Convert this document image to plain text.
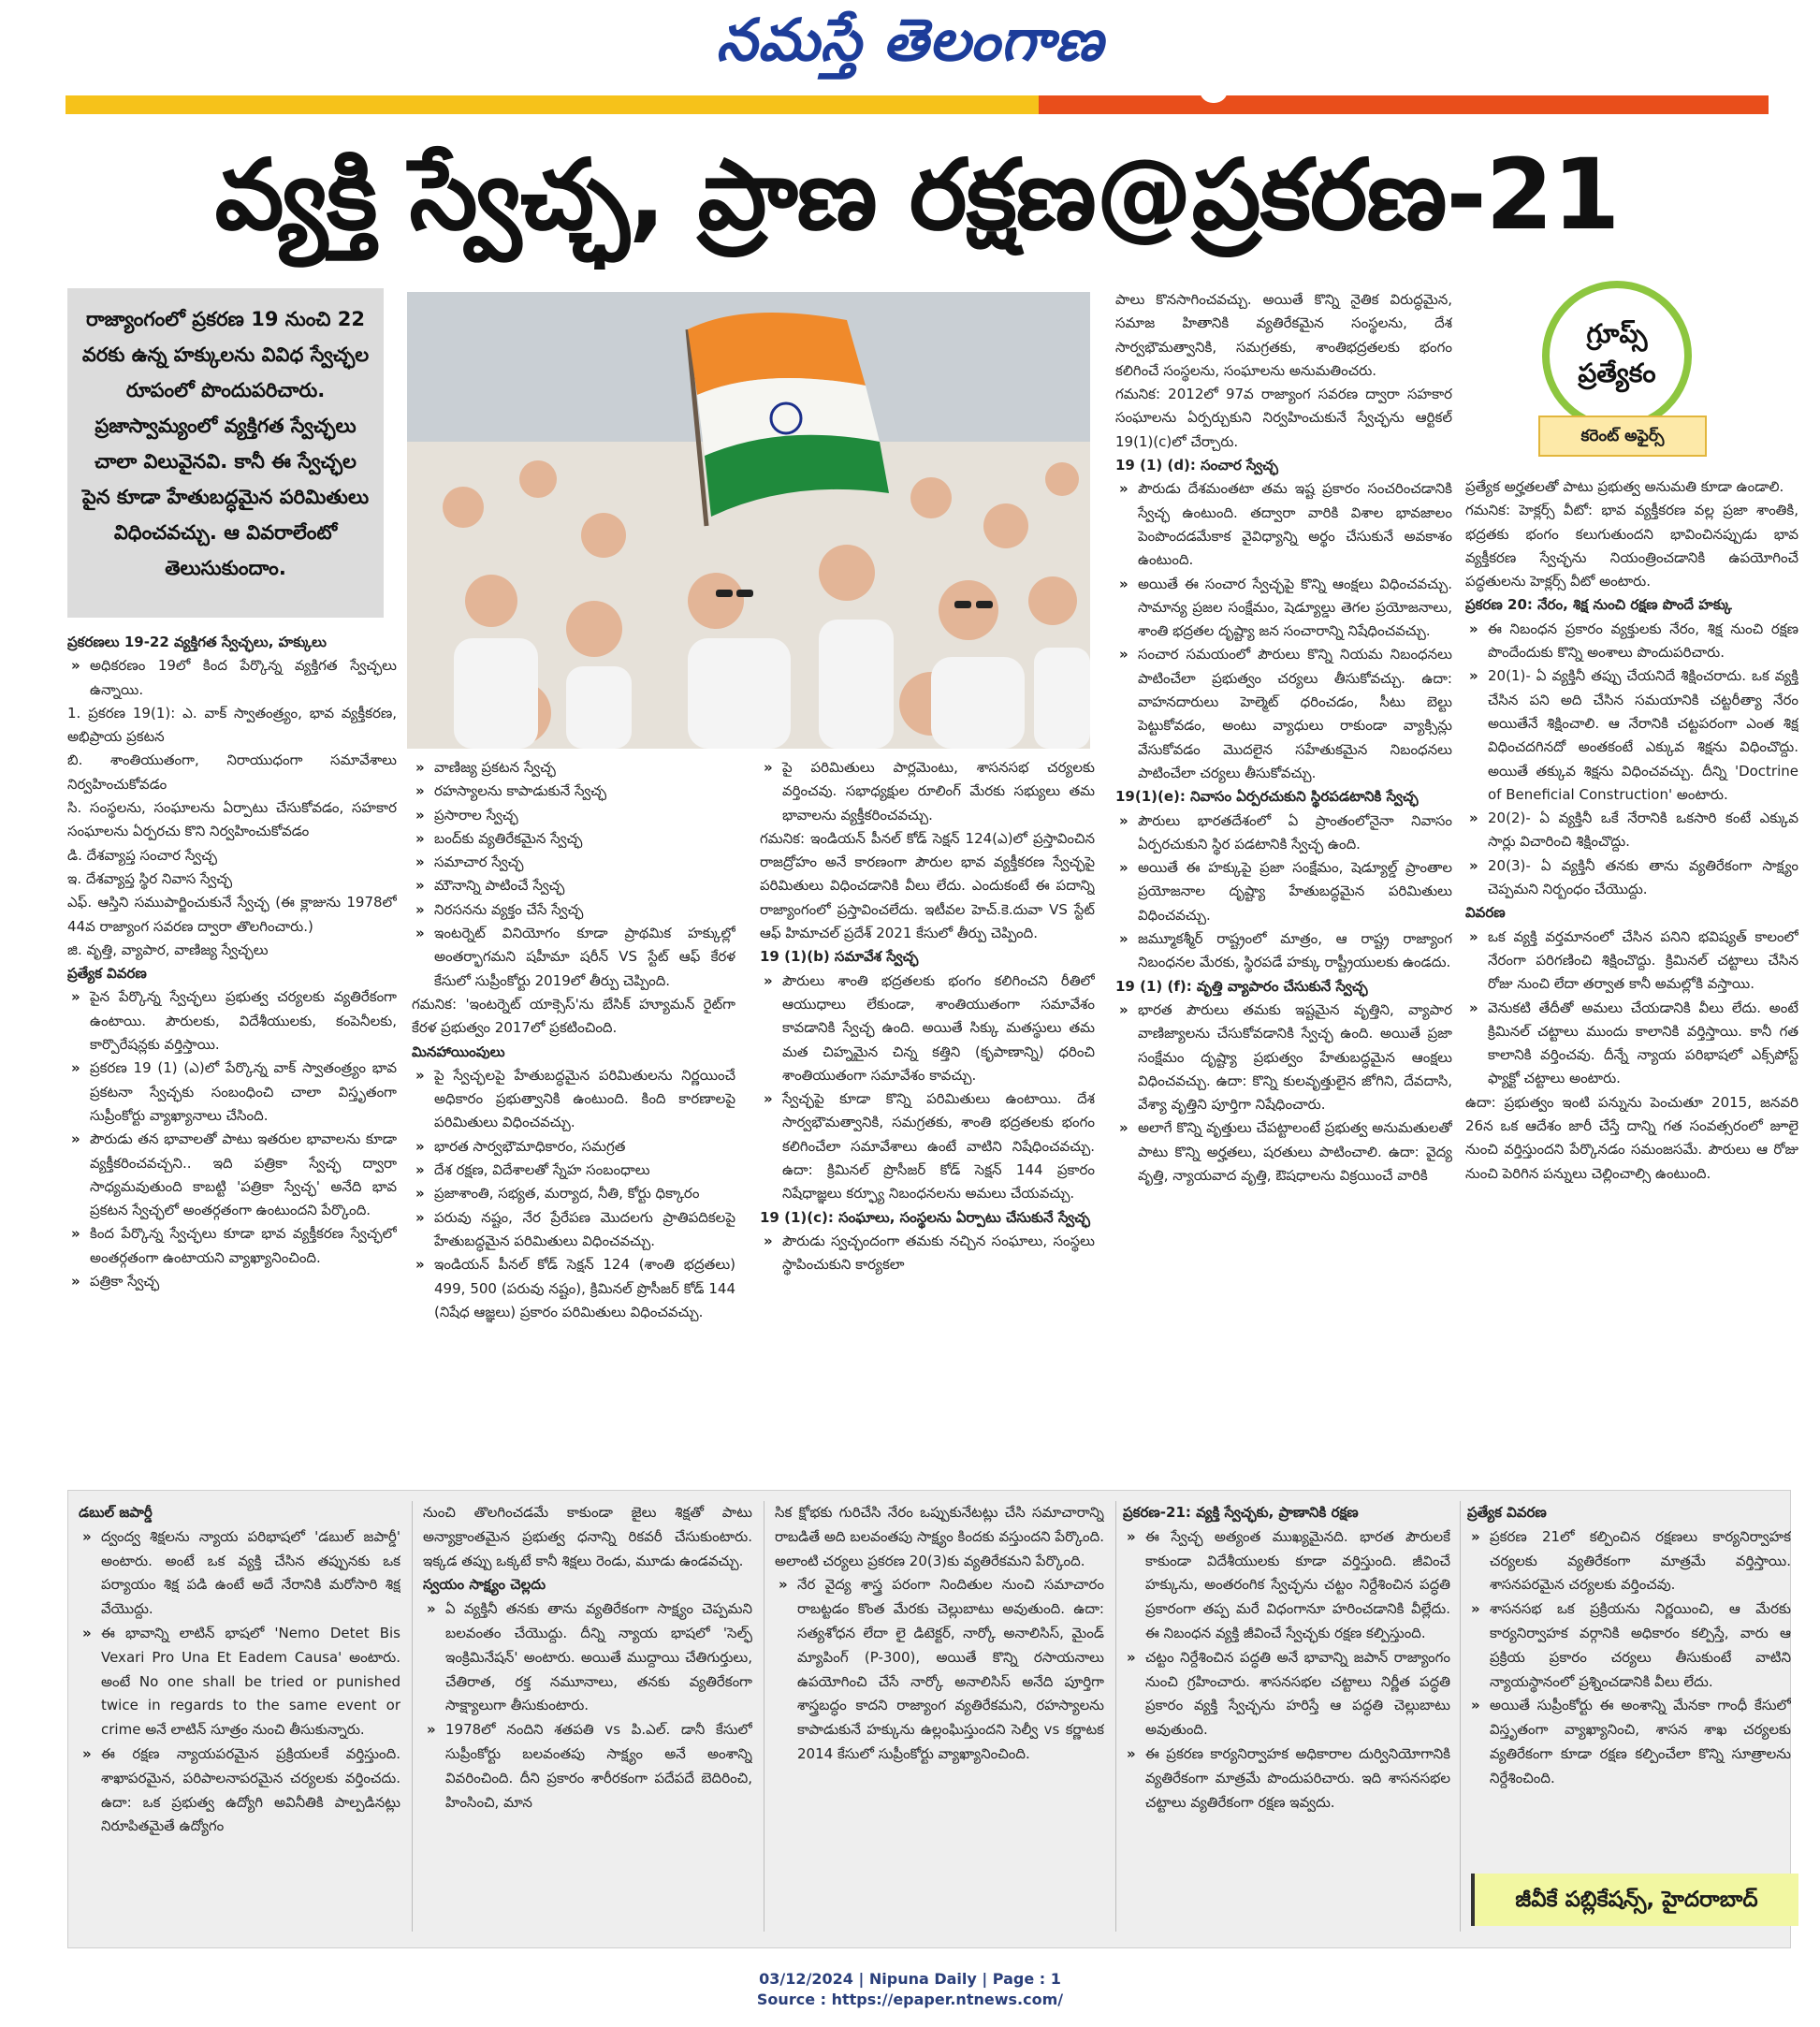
నమస్తే తెలంగాణ
వ్యక్తి స్వేచ్ఛ, ప్రాణ రక్షణ@ప్రకరణ-21

రాజ్యాంగంలో ప్రకరణ 19 నుంచి 22 వరకు ఉన్న హక్కులను వివిధ స్వేచ్ఛల రూపంలో పొందుపరిచారు. ప్రజాస్వామ్యంలో వ్యక్తిగత స్వేచ్ఛలు చాలా విలువైనవి. కానీ ఈ స్వేచ్ఛల పైన కూడా హేతుబద్ధమైన పరిమితులు విధించవచ్చు. ఆ వివరాలేంటో తెలుసుకుందాం.

ప్రకరణలు 19-22 వ్యక్తిగత స్వేచ్ఛలు, హక్కులు

» అధికరణం 19లో కింద పేర్కొన్న వ్యక్తిగత స్వేచ్ఛలు ఉన్నాయి.

1. ప్రకరణ 19(1): ఎ. వాక్ స్వాతంత్ర్యం, భావ వ్యక్తీకరణ, అభిప్రాయ ప్రకటన

బి. శాంతియుతంగా, నిరాయుధంగా సమావేశాలు నిర్వహించుకోవడం

సి. సంస్థలను, సంఘాలను ఏర్పాటు చేసుకోవడం, సహకార సంఘాలను ఏర్పరచు కొని నిర్వహించుకోవడం

డి. దేశవ్యాప్త సంచార స్వేచ్ఛ

ఇ. దేశవ్యాప్త స్థిర నివాస స్వేచ్ఛ

ఎఫ్. ఆస్తిని సముపార్జించుకునే స్వేచ్ఛ (ఈ క్లాజును 1978లో 44వ రాజ్యాంగ సవరణ ద్వారా తొలగించారు.)

జి. వృత్తి, వ్యాపార, వాణిజ్య స్వేచ్ఛలు

ప్రత్యేక వివరణ

» పైన పేర్కొన్న స్వేచ్ఛలు ప్రభుత్వ చర్యలకు వ్యతిరేకంగా ఉంటాయి. పౌరులకు, విదేశీయులకు, కంపెనీలకు, కార్పొరేషన్లకు వర్తిస్తాయి.

» ప్రకరణ 19 (1) (ఎ)లో పేర్కొన్న వాక్ స్వాతంత్ర్యం భావ ప్రకటనా స్వేచ్ఛకు సంబంధించి చాలా విస్తృతంగా సుప్రీంకోర్టు వ్యాఖ్యానాలు చేసింది.

» పౌరుడు తన భావాలతో పాటు ఇతరుల భావాలను కూడా వ్యక్తీకరించవచ్చని.. ఇది పత్రికా స్వేచ్ఛ ద్వారా సాధ్యమవుతుంది కాబట్టి 'పత్రికా స్వేచ్ఛ' అనేది భావ ప్రకటన స్వేచ్ఛలో అంతర్గతంగా ఉంటుందని పేర్కొంది.

» కింద పేర్కొన్న స్వేచ్ఛలు కూడా భావ వ్యక్తీకరణ స్వేచ్ఛలో అంతర్గతంగా ఉంటాయని వ్యాఖ్యానించింది.

» పత్రికా స్వేచ్ఛ

» వాణిజ్య ప్రకటన స్వేచ్ఛ

» రహస్యాలను కాపాడుకునే స్వేచ్ఛ

» ప్రసారాల స్వేచ్ఛ

» బంద్‌కు వ్యతిరేకమైన స్వేచ్ఛ

» సమాచార స్వేచ్ఛ

» మౌనాన్ని పాటించే స్వేచ్ఛ

» నిరసనను వ్యక్తం చేసే స్వేచ్ఛ

» ఇంటర్నెట్ వినియోగం కూడా ప్రాథమిక హక్కుల్లో అంతర్భాగమని షహీమా షరీన్ VS స్టేట్ ఆఫ్ కేరళ కేసులో సుప్రీంకోర్టు 2019లో తీర్పు చెప్పింది.

గమనిక: 'ఇంటర్నెట్ యాక్సెస్'ను బేసిక్ హ్యూమన్ రైట్‌గా కేరళ ప్రభుత్వం 2017లో ప్రకటించింది.

మినహాయింపులు

» పై స్వేచ్ఛలపై హేతుబద్ధమైన పరిమితులను నిర్ణయించే అధికారం ప్రభుత్వానికి ఉంటుంది. కింది కారణాలపై పరిమితులు విధించవచ్చు.

» భారత సార్వభౌమాధికారం, సమగ్రత

» దేశ రక్షణ, విదేశాలతో స్నేహ సంబంధాలు

» ప్రజాశాంతి, సభ్యత, మర్యాద, నీతి, కోర్టు ధిక్కారం

» పరువు నష్టం, నేర ప్రేరేపణ మొదలగు ప్రాతిపదికలపై హేతుబద్ధమైన పరిమితులు విధించవచ్చు.

» ఇండియన్ పీనల్ కోడ్ సెక్షన్ 124 (శాంతి భద్రతలు) 499, 500 (పరువు నష్టం), క్రిమినల్ ప్రొసీజర్ కోడ్ 144 (నిషేధ ఆజ్ఞలు) ప్రకారం పరిమితులు విధించవచ్చు.

» పై పరిమితులు పార్లమెంటు, శాసనసభ చర్యలకు వర్తించవు. సభాధ్యక్షుల రూలింగ్ మేరకు సభ్యులు తమ భావాలను వ్యక్తీకరించవచ్చు.

గమనిక: ఇండియన్ పీనల్ కోడ్ సెక్షన్ 124(ఎ)లో ప్రస్తావించిన రాజద్రోహం అనే కారణంగా పౌరుల భావ వ్యక్తీకరణ స్వేచ్ఛపై పరిమితులు విధించడానికి వీలు లేదు. ఎందుకంటే ఈ పదాన్ని రాజ్యాంగంలో ప్రస్తావించలేదు. ఇటీవల హెచ్.కె.దువా VS స్టేట్ ఆఫ్ హిమాచల్ ప్రదేశ్ 2021 కేసులో తీర్పు చెప్పింది.

19 (1)(b) సమావేశ స్వేచ్ఛ

» పౌరులు శాంతి భద్రతలకు భంగం కలిగించని రీతిలో ఆయుధాలు లేకుండా, శాంతియుతంగా సమావేశం కావడానికి స్వేచ్ఛ ఉంది. అయితే సిక్కు మతస్థులు తమ మత చిహ్నమైన చిన్న కత్తిని (కృపాణాన్ని) ధరించి శాంతియుతంగా సమావేశం కావచ్చు.

» స్వేచ్ఛపై కూడా కొన్ని పరిమితులు ఉంటాయి. దేశ సార్వభౌమత్వానికి, సమగ్రతకు, శాంతి భద్రతలకు భంగం కలిగించేలా సమావేశాలు ఉంటే వాటిని నిషేధించవచ్చు. ఉదా: క్రిమినల్ ప్రొసీజర్ కోడ్ సెక్షన్ 144 ప్రకారం నిషేధాజ్ఞలు కర్ఫ్యూ నిబంధనలను అమలు చేయవచ్చు.

19 (1)(c): సంఘాలు, సంస్థలను ఏర్పాటు చేసుకునే స్వేచ్ఛ

» పౌరుడు స్వచ్ఛందంగా తమకు నచ్చిన సంఘాలు, సంస్థలు స్థాపించుకుని కార్యకలా

పాలు కొనసాగించవచ్చు. అయితే కొన్ని నైతిక విరుద్ధమైన, సమాజ హితానికి వ్యతిరేకమైన సంస్థలను, దేశ సార్వభౌమత్వానికి, సమగ్రతకు, శాంతిభద్రతలకు భంగం కలిగించే సంస్థలను, సంఘాలను అనుమతించరు.

గమనిక: 2012లో 97వ రాజ్యాంగ సవరణ ద్వారా సహకార సంఘాలను ఏర్పర్చుకుని నిర్వహించుకునే స్వేచ్ఛను ఆర్టికల్ 19(1)(c)లో చేర్చారు.

19 (1) (d): సంచార స్వేచ్ఛ

» పౌరుడు దేశమంతటా తమ ఇష్ట ప్రకారం సంచరించడానికి స్వేచ్ఛ ఉంటుంది. తద్వారా వారికి విశాల భావజాలం పెంపొందడమేకాక వైవిధ్యాన్ని అర్థం చేసుకునే అవకాశం ఉంటుంది.

» అయితే ఈ సంచార స్వేచ్ఛపై కొన్ని ఆంక్షలు విధించవచ్చు. సామాన్య ప్రజల సంక్షేమం, షెడ్యూల్డు తెగల ప్రయోజనాలు, శాంతి భద్రతల దృష్ట్యా జన సంచారాన్ని నిషేధించవచ్చు.

» సంచార సమయంలో పౌరులు కొన్ని నియమ నిబంధనలు పాటించేలా ప్రభుత్వం చర్యలు తీసుకోవచ్చు. ఉదా: వాహనదారులు హెల్మెట్ ధరించడం, సీటు బెల్టు పెట్టుకోవడం, అంటు వ్యాధులు రాకుండా వ్యాక్సిన్లు వేసుకోవడం మొదలైన సహేతుకమైన నిబంధనలు పాటించేలా చర్యలు తీసుకోవచ్చు.

19(1)(e): నివాసం ఏర్పరచుకుని స్థిరపడటానికి స్వేచ్ఛ

» పౌరులు భారతదేశంలో ఏ ప్రాంతంలోనైనా నివాసం ఏర్పరచుకుని స్థిర పడటానికి స్వేచ్ఛ ఉంది.

» అయితే ఈ హక్కుపై ప్రజా సంక్షేమం, షెడ్యూల్డ్ ప్రాంతాల ప్రయోజనాల దృష్ట్యా హేతుబద్ధమైన పరిమితులు విధించవచ్చు.

» జమ్మూకశ్మీర్ రాష్ట్రంలో మాత్రం, ఆ రాష్ట్ర రాజ్యాంగ నిబంధనల మేరకు, స్థిరపడే హక్కు రాష్ట్రీయులకు ఉండదు.

19 (1) (f): వృత్తి వ్యాపారం చేసుకునే స్వేచ్ఛ

» భారత పౌరులు తమకు ఇష్టమైన వృత్తిని, వ్యాపార వాణిజ్యాలను చేసుకోవడానికి స్వేచ్ఛ ఉంది. అయితే ప్రజా సంక్షేమం దృష్ట్యా ప్రభుత్వం హేతుబద్ధమైన ఆంక్షలు విధించవచ్చు. ఉదా: కొన్ని కులవృత్తులైన జోగిని, దేవదాసి, వేశ్యా వృత్తిని పూర్తిగా నిషేధించారు.

» అలాగే కొన్ని వృత్తులు చేపట్టాలంటే ప్రభుత్వ అనుమతులతో పాటు కొన్ని అర్హతలు, షరతులు పాటించాలి. ఉదా: వైద్య వృత్తి, న్యాయవాద వృత్తి, ఔషధాలను విక్రయించే వారికి

ప్రత్యేక అర్హతలతో పాటు ప్రభుత్వ అనుమతి కూడా ఉండాలి.

గమనిక: హెక్లర్స్ వీటో: భావ వ్యక్తీకరణ వల్ల ప్రజా శాంతికి, భద్రతకు భంగం కలుగుతుందని భావించినప్పుడు భావ వ్యక్తీకరణ స్వేచ్ఛను నియంత్రించడానికి ఉపయోగించే పద్ధతులను హెక్లర్స్ వీటో అంటారు.

ప్రకరణ 20: నేరం, శిక్ష నుంచి రక్షణ పొందే హక్కు

» ఈ నిబంధన ప్రకారం వ్యక్తులకు నేరం, శిక్ష నుంచి రక్షణ పొందేందుకు కొన్ని అంశాలు పొందుపరిచారు.

» 20(1)- ఏ వ్యక్తినీ తప్పు చేయనిదే శిక్షించరాదు. ఒక వ్యక్తి చేసిన పని అది చేసిన సమయానికి చట్టరీత్యా నేరం అయితేనే శిక్షించాలి. ఆ నేరానికి చట్టపరంగా ఎంత శిక్ష విధించదగినదో అంతకంటే ఎక్కువ శిక్షను విధించొద్దు. అయితే తక్కువ శిక్షను విధించవచ్చు. దీన్ని 'Doctrine of Beneficial Construction' అంటారు.

» 20(2)- ఏ వ్యక్తినీ ఒకే నేరానికి ఒకసారి కంటే ఎక్కువ సార్లు విచారించి శిక్షించొద్దు.

» 20(3)- ఏ వ్యక్తినీ తనకు తాను వ్యతిరేకంగా సాక్ష్యం చెప్పమని నిర్బంధం చేయొద్దు.

వివరణ

» ఒక వ్యక్తి వర్తమానంలో చేసిన పనిని భవిష్యత్ కాలంలో నేరంగా పరిగణించి శిక్షించొద్దు. క్రిమినల్ చట్టాలు చేసిన రోజు నుంచి లేదా తర్వాత కానీ అమల్లోకి వస్తాయి.

» వెనుకటి తేదీతో అమలు చేయడానికి వీలు లేదు. అంటే క్రిమినల్ చట్టాలు ముందు కాలానికి వర్తిస్తాయి. కానీ గత కాలానికి వర్తించవు. దీన్నే న్యాయ పరిభాషలో ఎక్స్‌పోస్ట్ ఫ్యాక్టో చట్టాలు అంటారు.

ఉదా: ప్రభుత్వం ఇంటి పన్నును పెంచుతూ 2015, జనవరి 26న ఒక ఆదేశం జారీ చేస్తే దాన్ని గత సంవత్సరంలో జూలై నుంచి వర్తిస్తుందని పేర్కొనడం సమంజసమే. పౌరులు ఆ రోజు నుంచి పెరిగిన పన్నులు చెల్లించాల్సి ఉంటుంది.

గ్రూప్స్
ప్రత్యేకం
కరెంట్ అఫైర్స్

డబుల్ జపార్డీ

» ద్వంద్వ శిక్షలను న్యాయ పరిభాషలో 'డబుల్ జపార్డీ' అంటారు. అంటే ఒక వ్యక్తి చేసిన తప్పునకు ఒక పర్యాయం శిక్ష పడి ఉంటే అదే నేరానికి మరోసారి శిక్ష వేయొద్దు.

» ఈ భావాన్ని లాటిన్ భాషలో 'Nemo Detet Bis Vexari Pro Una Et Eadem Causa' అంటారు. అంటే No one shall be tried or punished twice in regards to the same event or crime అనే లాటిన్ సూత్రం నుంచి తీసుకున్నారు.

» ఈ రక్షణ న్యాయపరమైన ప్రక్రియలకే వర్తిస్తుంది. శాఖాపరమైన, పరిపాలనాపరమైన చర్యలకు వర్తించదు. ఉదా: ఒక ప్రభుత్వ ఉద్యోగి అవినీతికి పాల్పడినట్లు నిరూపితమైతే ఉద్యోగం

నుంచి తొలగించడమే కాకుండా జైలు శిక్షతో పాటు అన్యాక్రాంతమైన ప్రభుత్వ ధనాన్ని రికవరీ చేసుకుంటారు. ఇక్కడ తప్పు ఒక్కటే కానీ శిక్షలు రెండు, మూడు ఉండవచ్చు.

స్వయం సాక్ష్యం చెల్లదు

» ఏ వ్యక్తినీ తనకు తాను వ్యతిరేకంగా సాక్ష్యం చెప్పమని బలవంతం చేయొద్దు. దీన్ని న్యాయ భాషలో 'సెల్ఫ్ ఇంక్రిమినేషన్' అంటారు. అయితే ముద్దాయి చేతిగుర్తులు, చేతిరాత, రక్త నమూనాలు, తనకు వ్యతిరేకంగా సాక్ష్యాలుగా తీసుకుంటారు.

» 1978లో నందిని శతపతి vs పి.ఎల్. డానీ కేసులో సుప్రీంకోర్టు బలవంతపు సాక్ష్యం అనే అంశాన్ని వివరించింది. దీని ప్రకారం శారీరకంగా పదేపదే బెదిరించి, హింసించి, మాన

సిక క్షోభకు గురిచేసి నేరం ఒప్పుకునేటట్లు చేసి సమాచారాన్ని రాబడితే అది బలవంతపు సాక్ష్యం కిందకు వస్తుందని పేర్కొంది. అలాంటి చర్యలు ప్రకరణ 20(3)కు వ్యతిరేకమని పేర్కొంది.

» నేర వైద్య శాస్త్ర పరంగా నిందితుల నుంచి సమాచారం రాబట్టడం కొంత మేరకు చెల్లుబాటు అవుతుంది. ఉదా: సత్యశోధన లేదా లై డిటెక్టర్, నార్కో అనాలిసిస్, మైండ్ మ్యాపింగ్ (P-300), అయితే కొన్ని రసాయనాలు ఉపయోగించి చేసే నార్కో అనాలిసిస్ అనేది పూర్తిగా శాస్త్రబద్ధం కాదని రాజ్యాంగ వ్యతిరేకమని, రహస్యాలను కాపాడుకునే హక్కును ఉల్లంఘిస్తుందని సెల్వీ vs కర్ణాటక 2014 కేసులో సుప్రీంకోర్టు వ్యాఖ్యానించింది.

ప్రకరణ-21: వ్యక్తి స్వేచ్ఛకు, ప్రాణానికి రక్షణ

» ఈ స్వేచ్ఛ అత్యంత ముఖ్యమైనది. భారత పౌరులకే కాకుండా విదేశీయులకు కూడా వర్తిస్తుంది. జీవించే హక్కును, అంతరంగిక స్వేచ్ఛను చట్టం నిర్దేశించిన పద్ధతి ప్రకారంగా తప్ప మరే విధంగానూ హరించడానికి వీల్లేదు. ఈ నిబంధన వ్యక్తి జీవించే స్వేచ్ఛకు రక్షణ కల్పిస్తుంది.

» చట్టం నిర్దేశించిన పద్ధతి అనే భావాన్ని జపాన్ రాజ్యాంగం నుంచి గ్రహించారు. శాసనసభల చట్టాలు నిర్ణీత పద్ధతి ప్రకారం వ్యక్తి స్వేచ్ఛను హరిస్తే ఆ పద్ధతి చెల్లుబాటు అవుతుంది.

» ఈ ప్రకరణ కార్యనిర్వాహక అధికారాల దుర్వినియోగానికి వ్యతిరేకంగా మాత్రమే పొందుపరిచారు. ఇది శాసనసభల చట్టాలు వ్యతిరేకంగా రక్షణ ఇవ్వదు.

ప్రత్యేక వివరణ

» ప్రకరణ 21లో కల్పించిన రక్షణలు కార్యనిర్వాహక చర్యలకు వ్యతిరేకంగా మాత్రమే వర్తిస్తాయి. శాసనపరమైన చర్యలకు వర్తించవు.

» శాసనసభ ఒక ప్రక్రియను నిర్ణయించి, ఆ మేరకు కార్యనిర్వాహక వర్గానికి అధికారం కల్పిస్తే, వారు ఆ ప్రక్రియ ప్రకారం చర్యలు తీసుకుంటే వాటిని న్యాయస్థానంలో ప్రశ్నించడానికి వీలు లేదు.

» అయితే సుప్రీంకోర్టు ఈ అంశాన్ని మేనకా గాంధీ కేసులో విస్తృతంగా వ్యాఖ్యానించి, శాసన శాఖ చర్యలకు వ్యతిరేకంగా కూడా రక్షణ కల్పించేలా కొన్ని సూత్రాలను నిర్దేశించింది.

జీవీకే పబ్లికేషన్స్, హైదరాబాద్
03/12/2024 | Nipuna Daily | Page : 1
Source : https://epaper.ntnews.com/
